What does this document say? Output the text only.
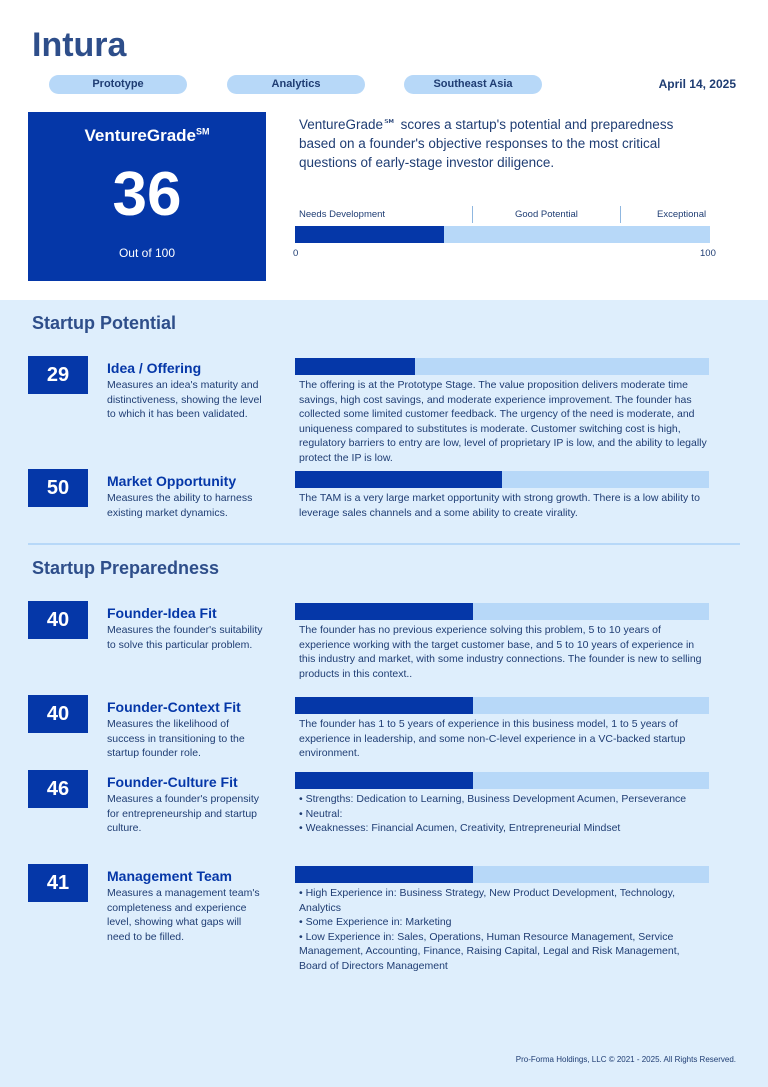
Intura
Prototype	Analytics	Southeast Asia	April 14, 2025
VentureGrade℠
36
Out of 100
VentureGrade℠ scores a startup's potential and preparedness based on a founder's objective responses to the most critical questions of early-stage investor diligence.
Needs Development	Good Potential	Exceptional
0	100
Startup Potential
Startup Preparedness
29	Idea / Offering
Measures an idea's maturity and distinctiveness, showing the level to which it has been validated.
The offering is at the Prototype Stage. The value proposition delivers moderate time savings, high cost savings, and moderate experience improvement. The founder has collected some limited customer feedback. The urgency of the need is moderate, and uniqueness compared to substitutes is moderate. Customer switching cost is high, regulatory barriers to entry are low, level of proprietary IP is low, and the ability to legally protect the IP is low.
50	Market Opportunity
Measures the ability to harness existing market dynamics.
The TAM is a very large market opportunity with strong growth. There is a low ability to leverage sales channels and a some ability to create virality.
40	Founder-Idea Fit
Measures the founder's suitability to solve this particular problem.
The founder has no previous experience solving this problem, 5 to 10 years of experience working with the target customer base, and 5 to 10 years of experience in this industry and market, with some industry connections. The founder is new to selling products in this context..
40	Founder-Context Fit
Measures the likelihood of success in transitioning to the startup founder role.
The founder has 1 to 5 years of experience in this business model, 1 to 5 years of experience in leadership, and some non-C-level experience in a VC-backed startup environment.
46	Founder-Culture Fit
Measures a founder's propensity for entrepreneurship and startup culture.
• Strengths: Dedication to Learning, Business Development Acumen, Perseverance
• Neutral:
• Weaknesses: Financial Acumen, Creativity, Entrepreneurial Mindset
41	Management Team
Measures a management team's completeness and experience level, showing what gaps will need to be filled.
• High Experience in: Business Strategy, New Product Development, Technology, Analytics
• Some Experience in: Marketing
• Low Experience in: Sales, Operations, Human Resource Management, Service Management, Accounting, Finance, Raising Capital, Legal and Risk Management, Board of Directors Management
Pro-Forma Holdings, LLC © 2021 - 2025. All Rights Reserved.
